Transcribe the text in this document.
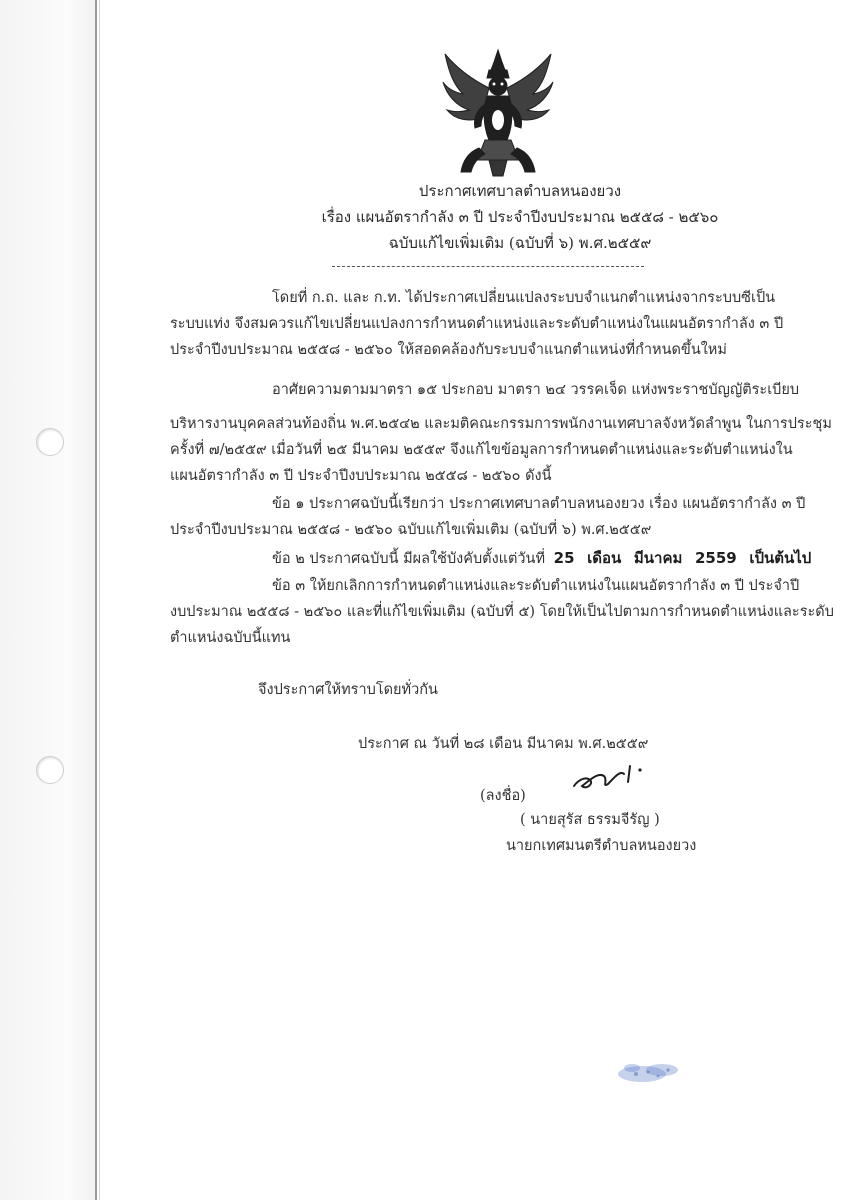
ประกาศเทศบาลตำบลหนองยวง
เรื่อง แผนอัตรากำลัง ๓ ปี ประจำปีงบประมาณ ๒๕๕๘ - ๒๕๖๐
ฉบับแก้ไขเพิ่มเติม (ฉบับที่ ๖) พ.ศ.๒๕๕๙
โดยที่ ก.ถ. และ ก.ท. ได้ประกาศเปลี่ยนแปลงระบบจำแนกตำแหน่งจากระบบซีเป็น
ระบบแท่ง จึงสมควรแก้ไขเปลี่ยนแปลงการกำหนดตำแหน่งและระดับตำแหน่งในแผนอัตรากำลัง ๓ ปี
ประจำปีงบประมาณ ๒๕๕๘ - ๒๕๖๐ ให้สอดคล้องกับระบบจำแนกตำแหน่งที่กำหนดขึ้นใหม่
อาศัยความตามมาตรา ๑๕ ประกอบ มาตรา ๒๔ วรรคเจ็ด แห่งพระราชบัญญัติระเบียบ
บริหารงานบุคคลส่วนท้องถิ่น พ.ศ.๒๕๔๒ และมติคณะกรรมการพนักงานเทศบาลจังหวัดลำพูน ในการประชุม
ครั้งที่ ๗/๒๕๕๙ เมื่อวันที่ ๒๕ มีนาคม ๒๕๕๙ จึงแก้ไขข้อมูลการกำหนดตำแหน่งและระดับตำแหน่งใน
แผนอัตรากำลัง ๓ ปี ประจำปีงบประมาณ ๒๕๕๘ - ๒๕๖๐ ดังนี้
ข้อ ๑ ประกาศฉบับนี้เรียกว่า ประกาศเทศบาลตำบลหนองยวง เรื่อง แผนอัตรากำลัง ๓ ปี
ประจำปีงบประมาณ ๒๕๕๘ - ๒๕๖๐ ฉบับแก้ไขเพิ่มเติม (ฉบับที่ ๖) พ.ศ.๒๕๕๙
ข้อ ๒ ประกาศฉบับนี้ มีผลใช้บังคับตั้งแต่วันที่ 25 เดือน มีนาคม 2559 เป็นต้นไป
ข้อ ๓ ให้ยกเลิกการกำหนดตำแหน่งและระดับตำแหน่งในแผนอัตรากำลัง ๓ ปี ประจำปี
งบประมาณ ๒๕๕๘ - ๒๕๖๐ และที่แก้ไขเพิ่มเติม (ฉบับที่ ๕) โดยให้เป็นไปตามการกำหนดตำแหน่งและระดับ
ตำแหน่งฉบับนี้แทน
จึงประกาศให้ทราบโดยทั่วกัน
ประกาศ ณ วันที่ ๒๘ เดือน มีนาคม พ.ศ.๒๕๕๙
(ลงชื่อ)
( นายสุรัส ธรรมจีรัญ )
นายกเทศมนตรีตำบลหนองยวง
